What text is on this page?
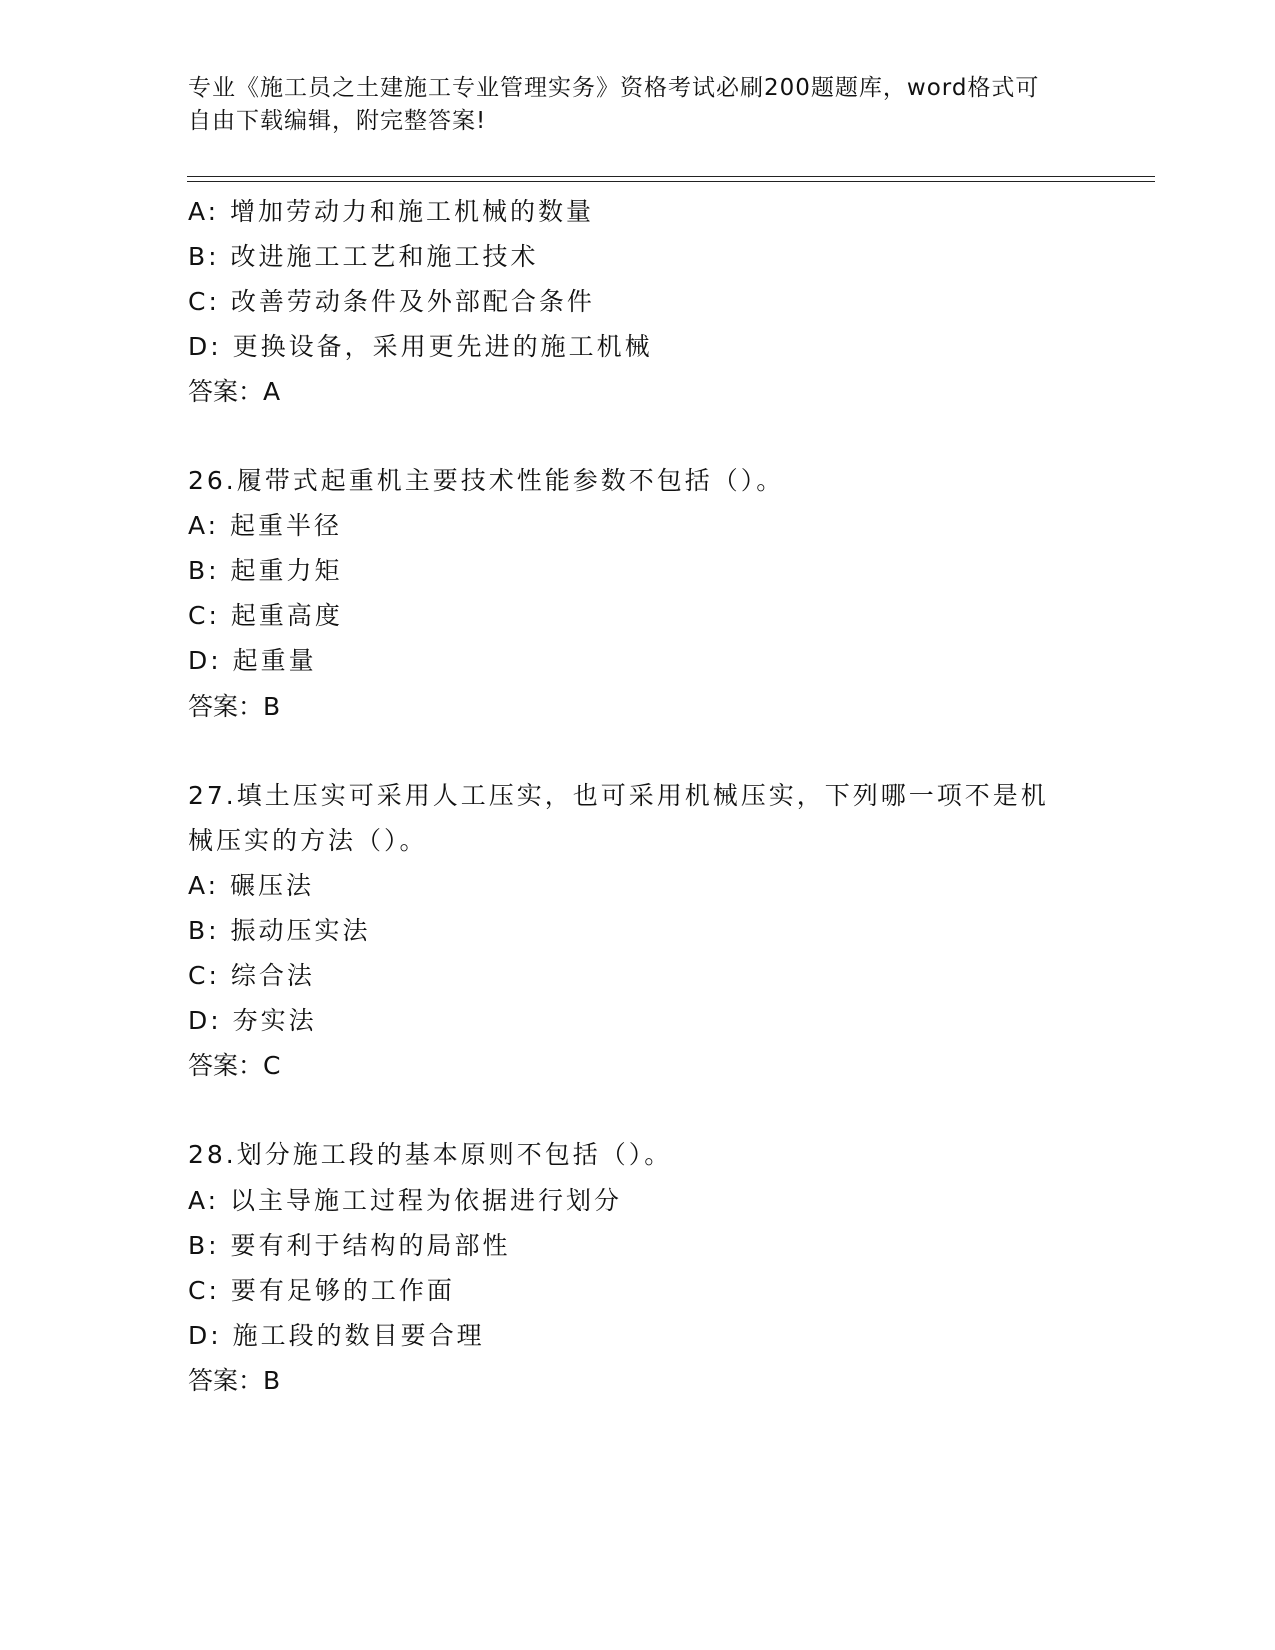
专业《施工员之土建施工专业管理实务》资格考试必刷200题题库，word格式可
自由下载编辑，附完整答案!
A: 增加劳动力和施工机械的数量
B: 改进施工工艺和施工技术
C: 改善劳动条件及外部配合条件
D: 更换设备，采用更先进的施工机械
答案：A
26.履带式起重机主要技术性能参数不包括（）。
A: 起重半径
B: 起重力矩
C: 起重高度
D: 起重量
答案：B
27.填土压实可采用人工压实，也可采用机械压实，下列哪一项不是机
械压实的方法（）。
A: 碾压法
B: 振动压实法
C: 综合法
D: 夯实法
答案：C
28.划分施工段的基本原则不包括（）。
A: 以主导施工过程为依据进行划分
B: 要有利于结构的局部性
C: 要有足够的工作面
D: 施工段的数目要合理
答案：B
